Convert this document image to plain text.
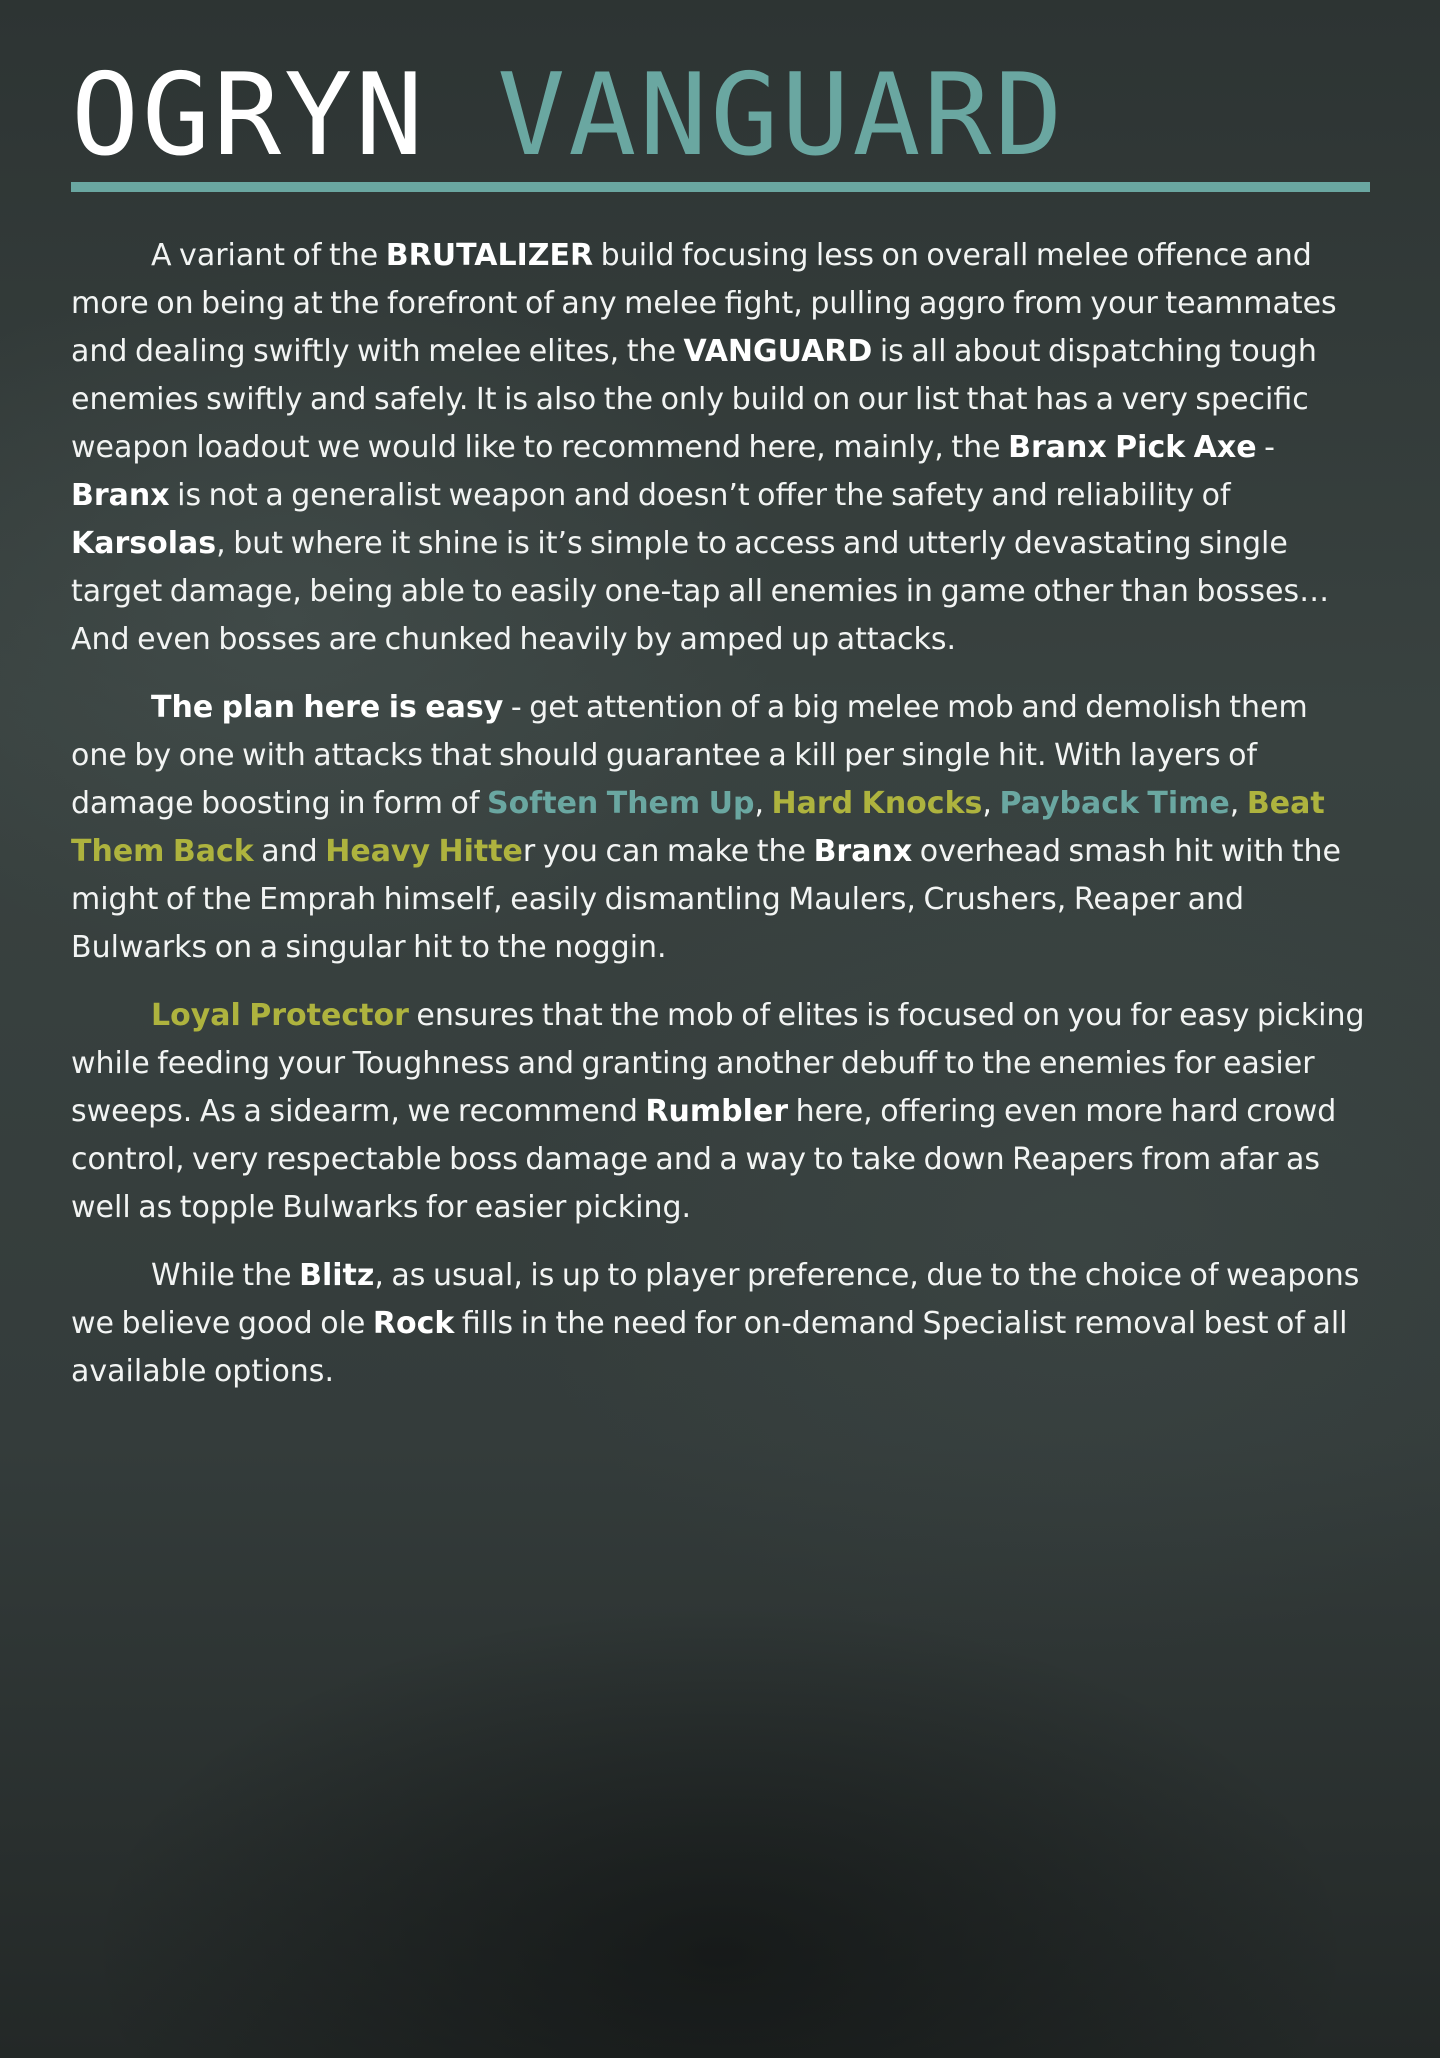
OGRYN VANGUARD

A variant of the BRUTALIZER build focusing less on overall melee offence and more on being at the forefront of any melee fight, pulling aggro from your teammates and dealing swiftly with melee elites, the VANGUARD is all about dispatching tough enemies swiftly and safely. It is also the only build on our list that has a very specific weapon loadout we would like to recommend here, mainly, the Branx Pick Axe - Branx is not a generalist weapon and doesn’t offer the safety and reliability of Karsolas, but where it shine is it’s simple to access and utterly devastating single target damage, being able to easily one-tap all enemies in game other than bosses… And even bosses are chunked heavily by amped up attacks.

The plan here is easy - get attention of a big melee mob and demolish them one by one with attacks that should guarantee a kill per single hit. With layers of damage boosting in form of Soften Them Up, Hard Knocks, Payback Time, Beat Them Back and Heavy Hitter you can make the Branx overhead smash hit with the might of the Emprah himself, easily dismantling Maulers, Crushers, Reaper and Bulwarks on a singular hit to the noggin.

Loyal Protector ensures that the mob of elites is focused on you for easy picking while feeding your Toughness and granting another debuff to the enemies for easier sweeps. As a sidearm, we recommend Rumbler here, offering even more hard crowd control, very respectable boss damage and a way to take down Reapers from afar as well as topple Bulwarks for easier picking.

While the Blitz, as usual, is up to player preference, due to the choice of weapons we believe good ole Rock fills in the need for on-demand Specialist removal best of all available options.
